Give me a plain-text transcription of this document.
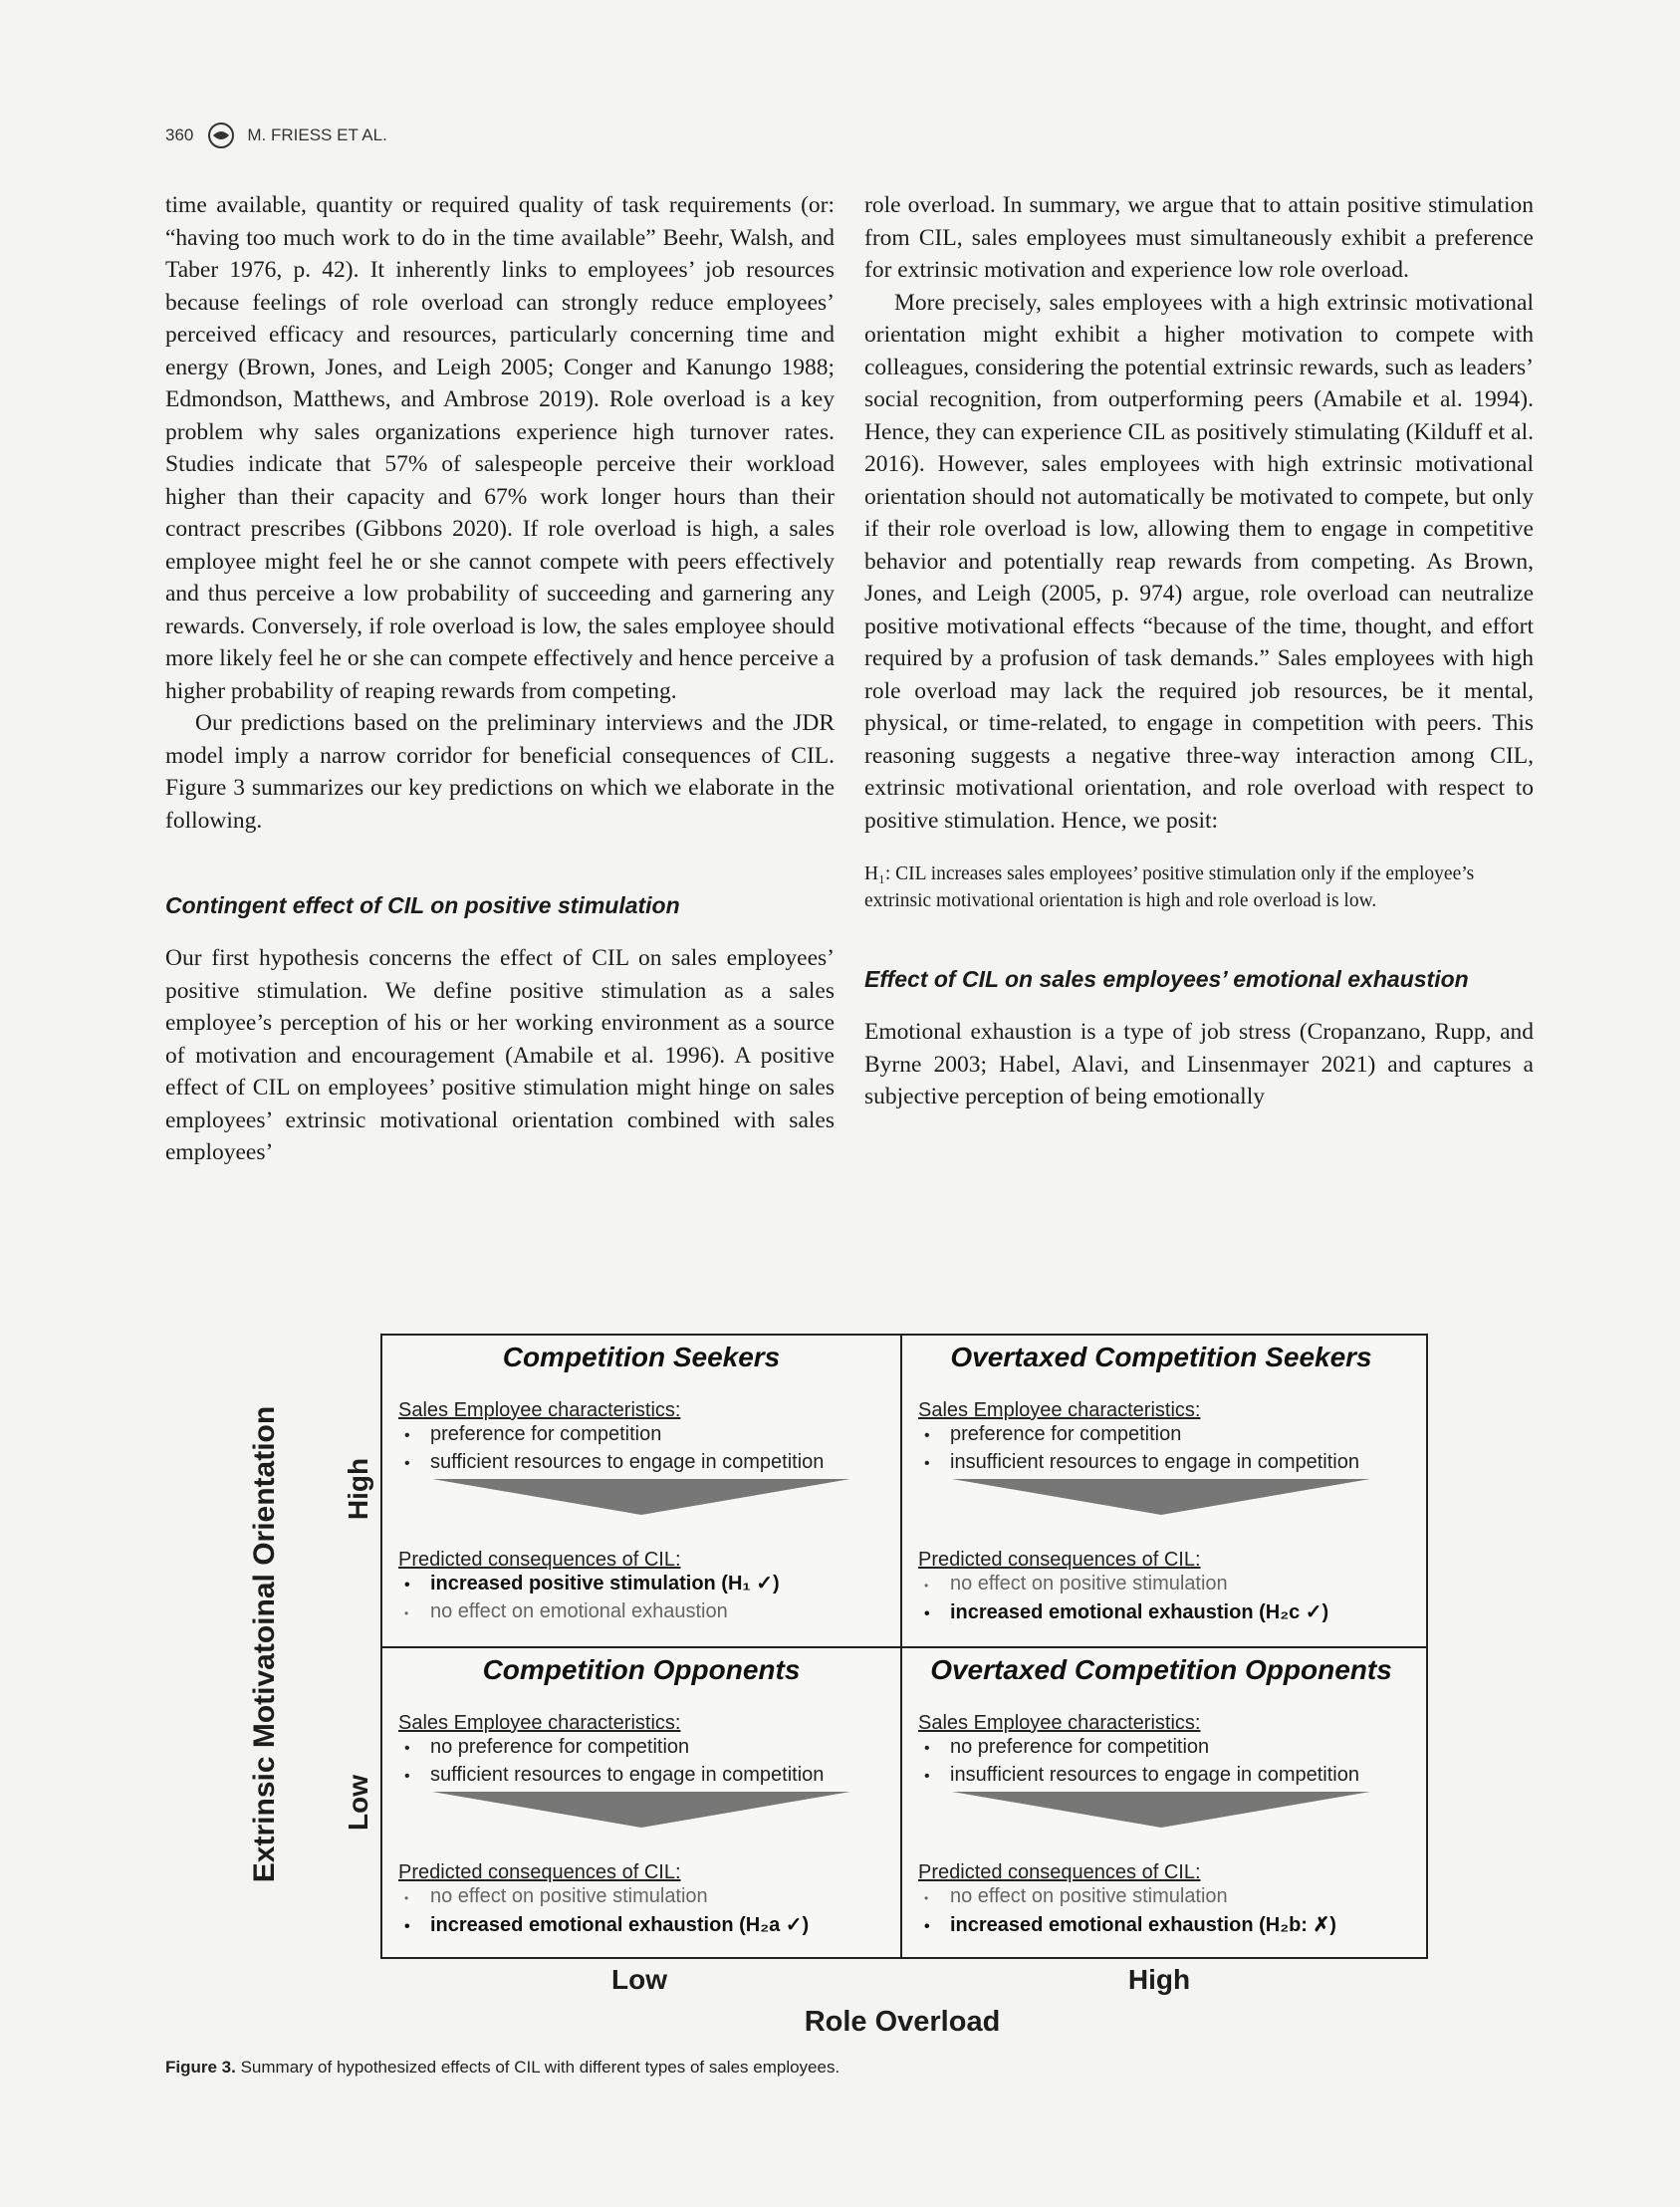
360	M. FRIESS ET AL.

time available, quantity or required quality of task requirements (or: “having too much work to do in the time available” Beehr, Walsh, and Taber 1976, p. 42). It inherently links to employees’ job resources because feelings of role overload can strongly reduce employees’ perceived efficacy and resources, particularly concerning time and energy (Brown, Jones, and Leigh 2005; Conger and Kanungo 1988; Edmondson, Matthews, and Ambrose 2019). Role overload is a key problem why sales organizations experience high turnover rates. Studies indicate that 57% of salespeople perceive their workload higher than their capacity and 67% work longer hours than their contract prescribes (Gibbons 2020). If role overload is high, a sales employee might feel he or she cannot compete with peers effectively and thus perceive a low probability of succeeding and garnering any rewards. Conversely, if role overload is low, the sales employee should more likely feel he or she can compete effectively and hence perceive a higher probability of reaping rewards from competing.

Our predictions based on the preliminary interviews and the JDR model imply a narrow corridor for beneficial consequences of CIL. Figure 3 summarizes our key predictions on which we elaborate in the following.

Contingent effect of CIL on positive stimulation

Our first hypothesis concerns the effect of CIL on sales employees’ positive stimulation. We define positive stimulation as a sales employee’s perception of his or her working environment as a source of motivation and encouragement (Amabile et al. 1996). A positive effect of CIL on employees’ positive stimulation might hinge on sales employees’ extrinsic motivational orientation combined with sales employees’

role overload. In summary, we argue that to attain positive stimulation from CIL, sales employees must simultaneously exhibit a preference for extrinsic motivation and experience low role overload.

More precisely, sales employees with a high extrinsic motivational orientation might exhibit a higher motivation to compete with colleagues, considering the potential extrinsic rewards, such as leaders’ social recognition, from outperforming peers (Amabile et al. 1994). Hence, they can experience CIL as positively stimulating (Kilduff et al. 2016). However, sales employees with high extrinsic motivational orientation should not automatically be motivated to compete, but only if their role overload is low, allowing them to engage in competitive behavior and potentially reap rewards from competing. As Brown, Jones, and Leigh (2005, p. 974) argue, role overload can neutralize positive motivational effects “because of the time, thought, and effort required by a profusion of task demands.” Sales employees with high role overload may lack the required job resources, be it mental, physical, or time-related, to engage in competition with peers. This reasoning suggests a negative three-way interaction among CIL, extrinsic motivational orientation, and role overload with respect to positive stimulation. Hence, we posit:

H₁: CIL increases sales employees’ positive stimulation only if the employee’s extrinsic motivational orientation is high and role overload is low.

Effect of CIL on sales employees’ emotional exhaustion

Emotional exhaustion is a type of job stress (Cropanzano, Rupp, and Byrne 2003; Habel, Alavi, and Linsenmayer 2021) and captures a subjective perception of being emotionally

Extrinsic Motivatoinal Orientation High
Low
Competition Seekers
Sales Employee characteristics:
• preference for competition
• sufficient resources to engage in competition
Predicted consequences of CIL:
• increased positive stimulation (H₁ ✓)
• no effect on emotional exhaustion
Overtaxed Competition Seekers
Sales Employee characteristics:
• preference for competition
• insufficient resources to engage in competition
Predicted consequences of CIL:
• no effect on positive stimulation
• increased emotional exhaustion (H₂c ✓)
Competition Opponents
Sales Employee characteristics:
• no preference for competition
• sufficient resources to engage in competition
Predicted consequences of CIL:
• no effect on positive stimulation
• increased emotional exhaustion (H₂a ✓)
Overtaxed Competition Opponents
Sales Employee characteristics:
• no preference for competition
• insufficient resources to engage in competition
Predicted consequences of CIL:
• no effect on positive stimulation
• increased emotional exhaustion (H₂b: ✗)
Low	High
Role Overload
Figure 3. Summary of hypothesized effects of CIL with different types of sales employees.
